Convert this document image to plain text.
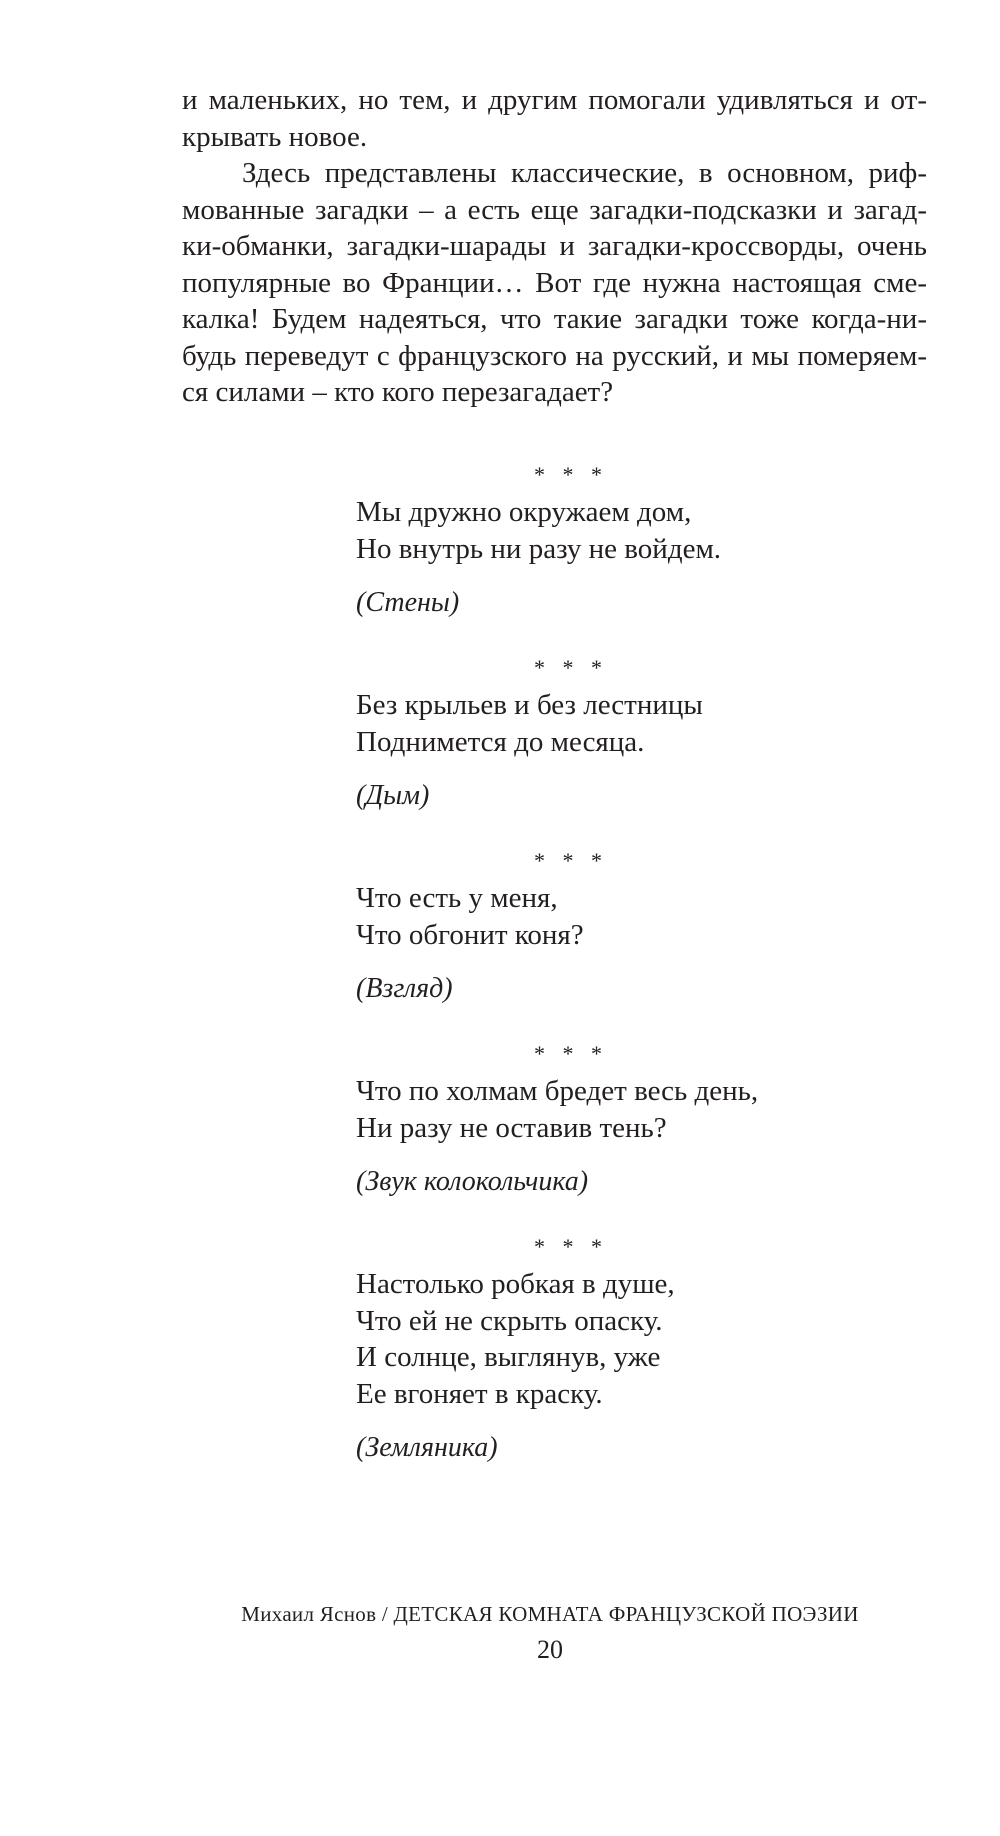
и маленьких, но тем, и другим помогали удивляться и открывать новое.

Здесь представлены классические, в основном, рифмованные загадки – а есть еще загадки-подсказки и загадки-обманки, загадки-шарады и загадки-кроссворды, очень популярные во Франции… Вот где нужна настоящая смекалка! Будем надеяться, что такие загадки тоже когда-нибудь переведут с французского на русский, и мы померяемся силами – кто кого перезагадает?

* * *
Мы дружно окружаем дом,
Но внутрь ни разу не войдем.
(Стены)
* * *
Без крыльев и без лестницы
Поднимется до месяца.
(Дым)
* * *
Что есть у меня,
Что обгонит коня?
(Взгляд)
* * *
Что по холмам бредет весь день,
Ни разу не оставив тень?
(Звук колокольчика)
* * *
Настолько робкая в душе,
Что ей не скрыть опаску.
И солнце, выглянув, уже
Ее вгоняет в краску.
(Земляника)
Михаил Яснов / ДЕТСКАЯ КОМНАТА ФРАНЦУЗСКОЙ ПОЭЗИИ
20
